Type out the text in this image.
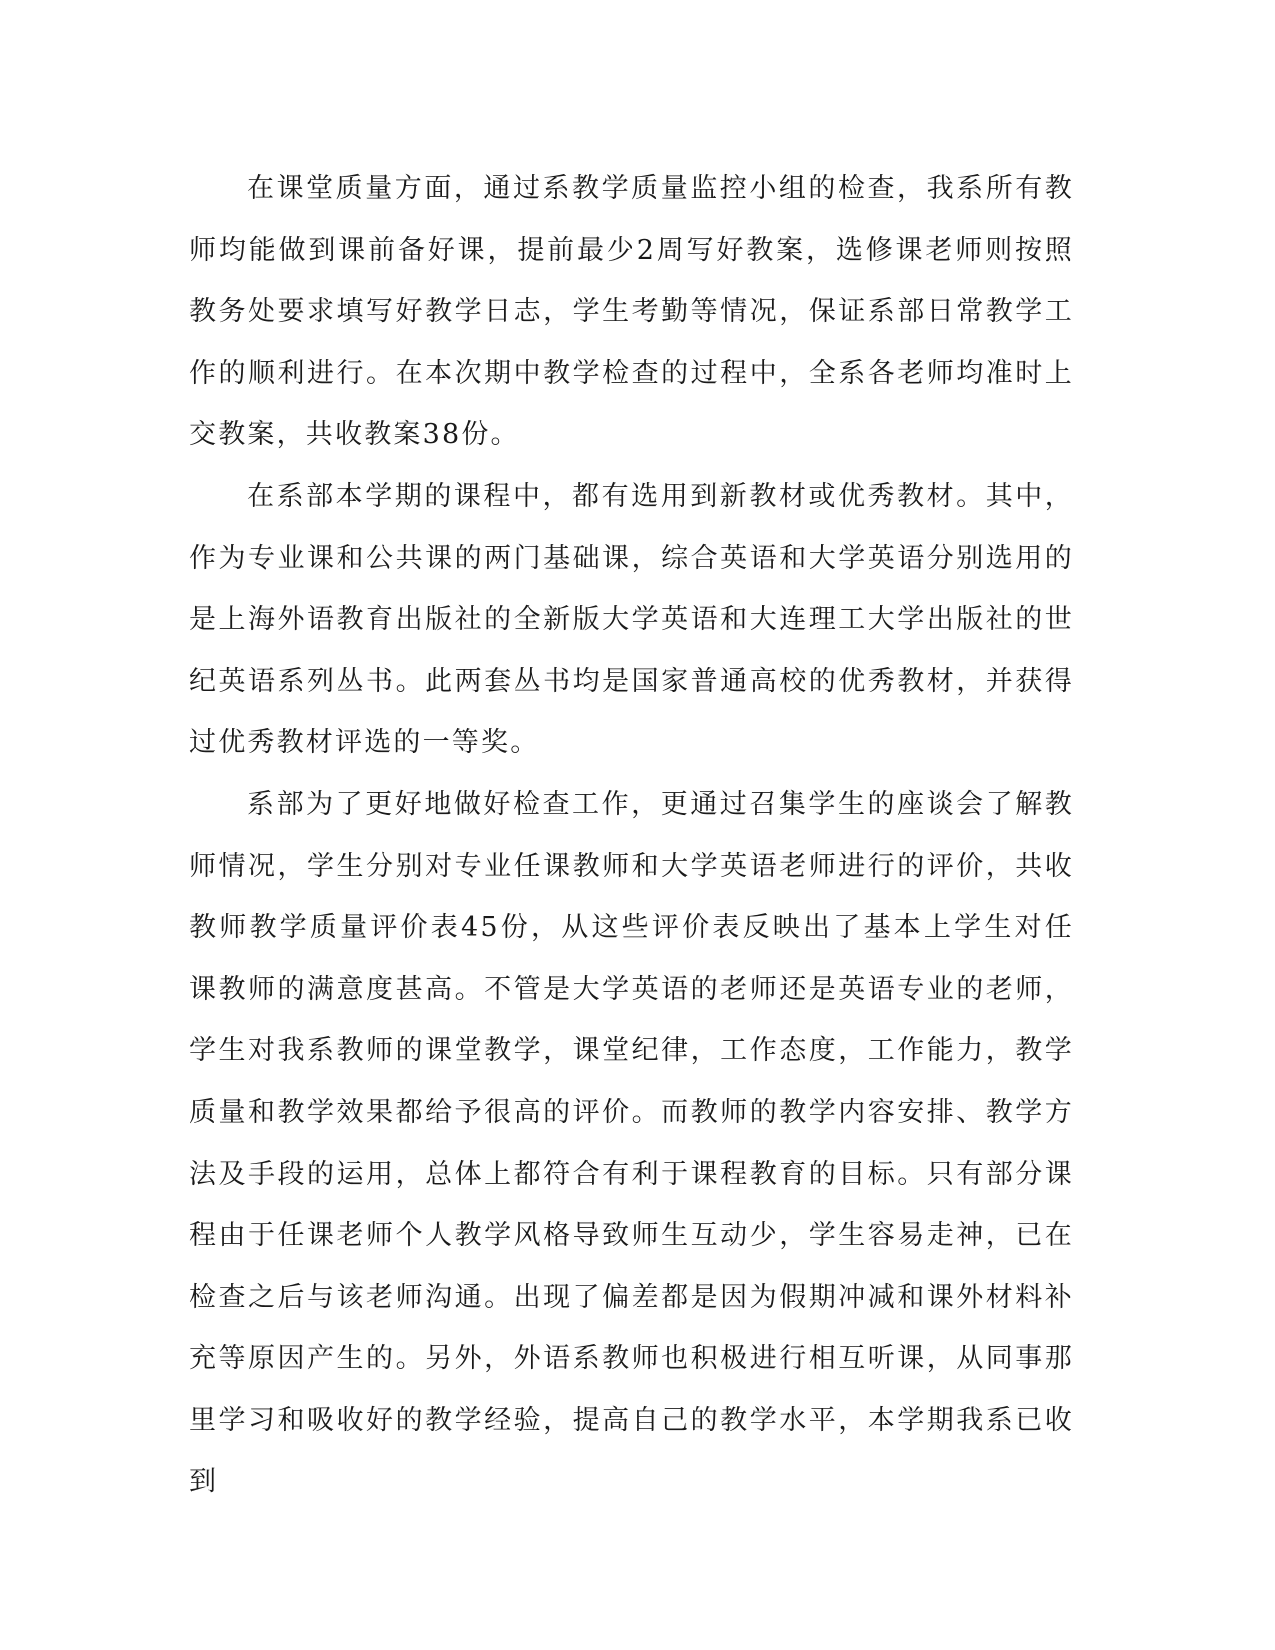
在课堂质量方面，通过系教学质量监控小组的检查，我系所有教师均能做到课前备好课，提前最少2周写好教案，选修课老师则按照教务处要求填写好教学日志，学生考勤等情况，保证系部日常教学工作的顺利进行。在本次期中教学检查的过程中，全系各老师均准时上交教案，共收教案38份。

在系部本学期的课程中，都有选用到新教材或优秀教材。其中，作为专业课和公共课的两门基础课，综合英语和大学英语分别选用的是上海外语教育出版社的全新版大学英语和大连理工大学出版社的世纪英语系列丛书。此两套丛书均是国家普通高校的优秀教材，并获得过优秀教材评选的一等奖。

系部为了更好地做好检查工作，更通过召集学生的座谈会了解教师情况，学生分别对专业任课教师和大学英语老师进行的评价，共收教师教学质量评价表45份，从这些评价表反映出了基本上学生对任课教师的满意度甚高。不管是大学英语的老师还是英语专业的老师，学生对我系教师的课堂教学，课堂纪律，工作态度，工作能力，教学质量和教学效果都给予很高的评价。而教师的教学内容安排、教学方法及手段的运用，总体上都符合有利于课程教育的目标。只有部分课程由于任课老师个人教学风格导致师生互动少，学生容易走神，已在检查之后与该老师沟通。出现了偏差都是因为假期冲减和课外材料补充等原因产生的。另外，外语系教师也积极进行相互听课，从同事那里学习和吸收好的教学经验，提高自己的教学水平，本学期我系已收到
